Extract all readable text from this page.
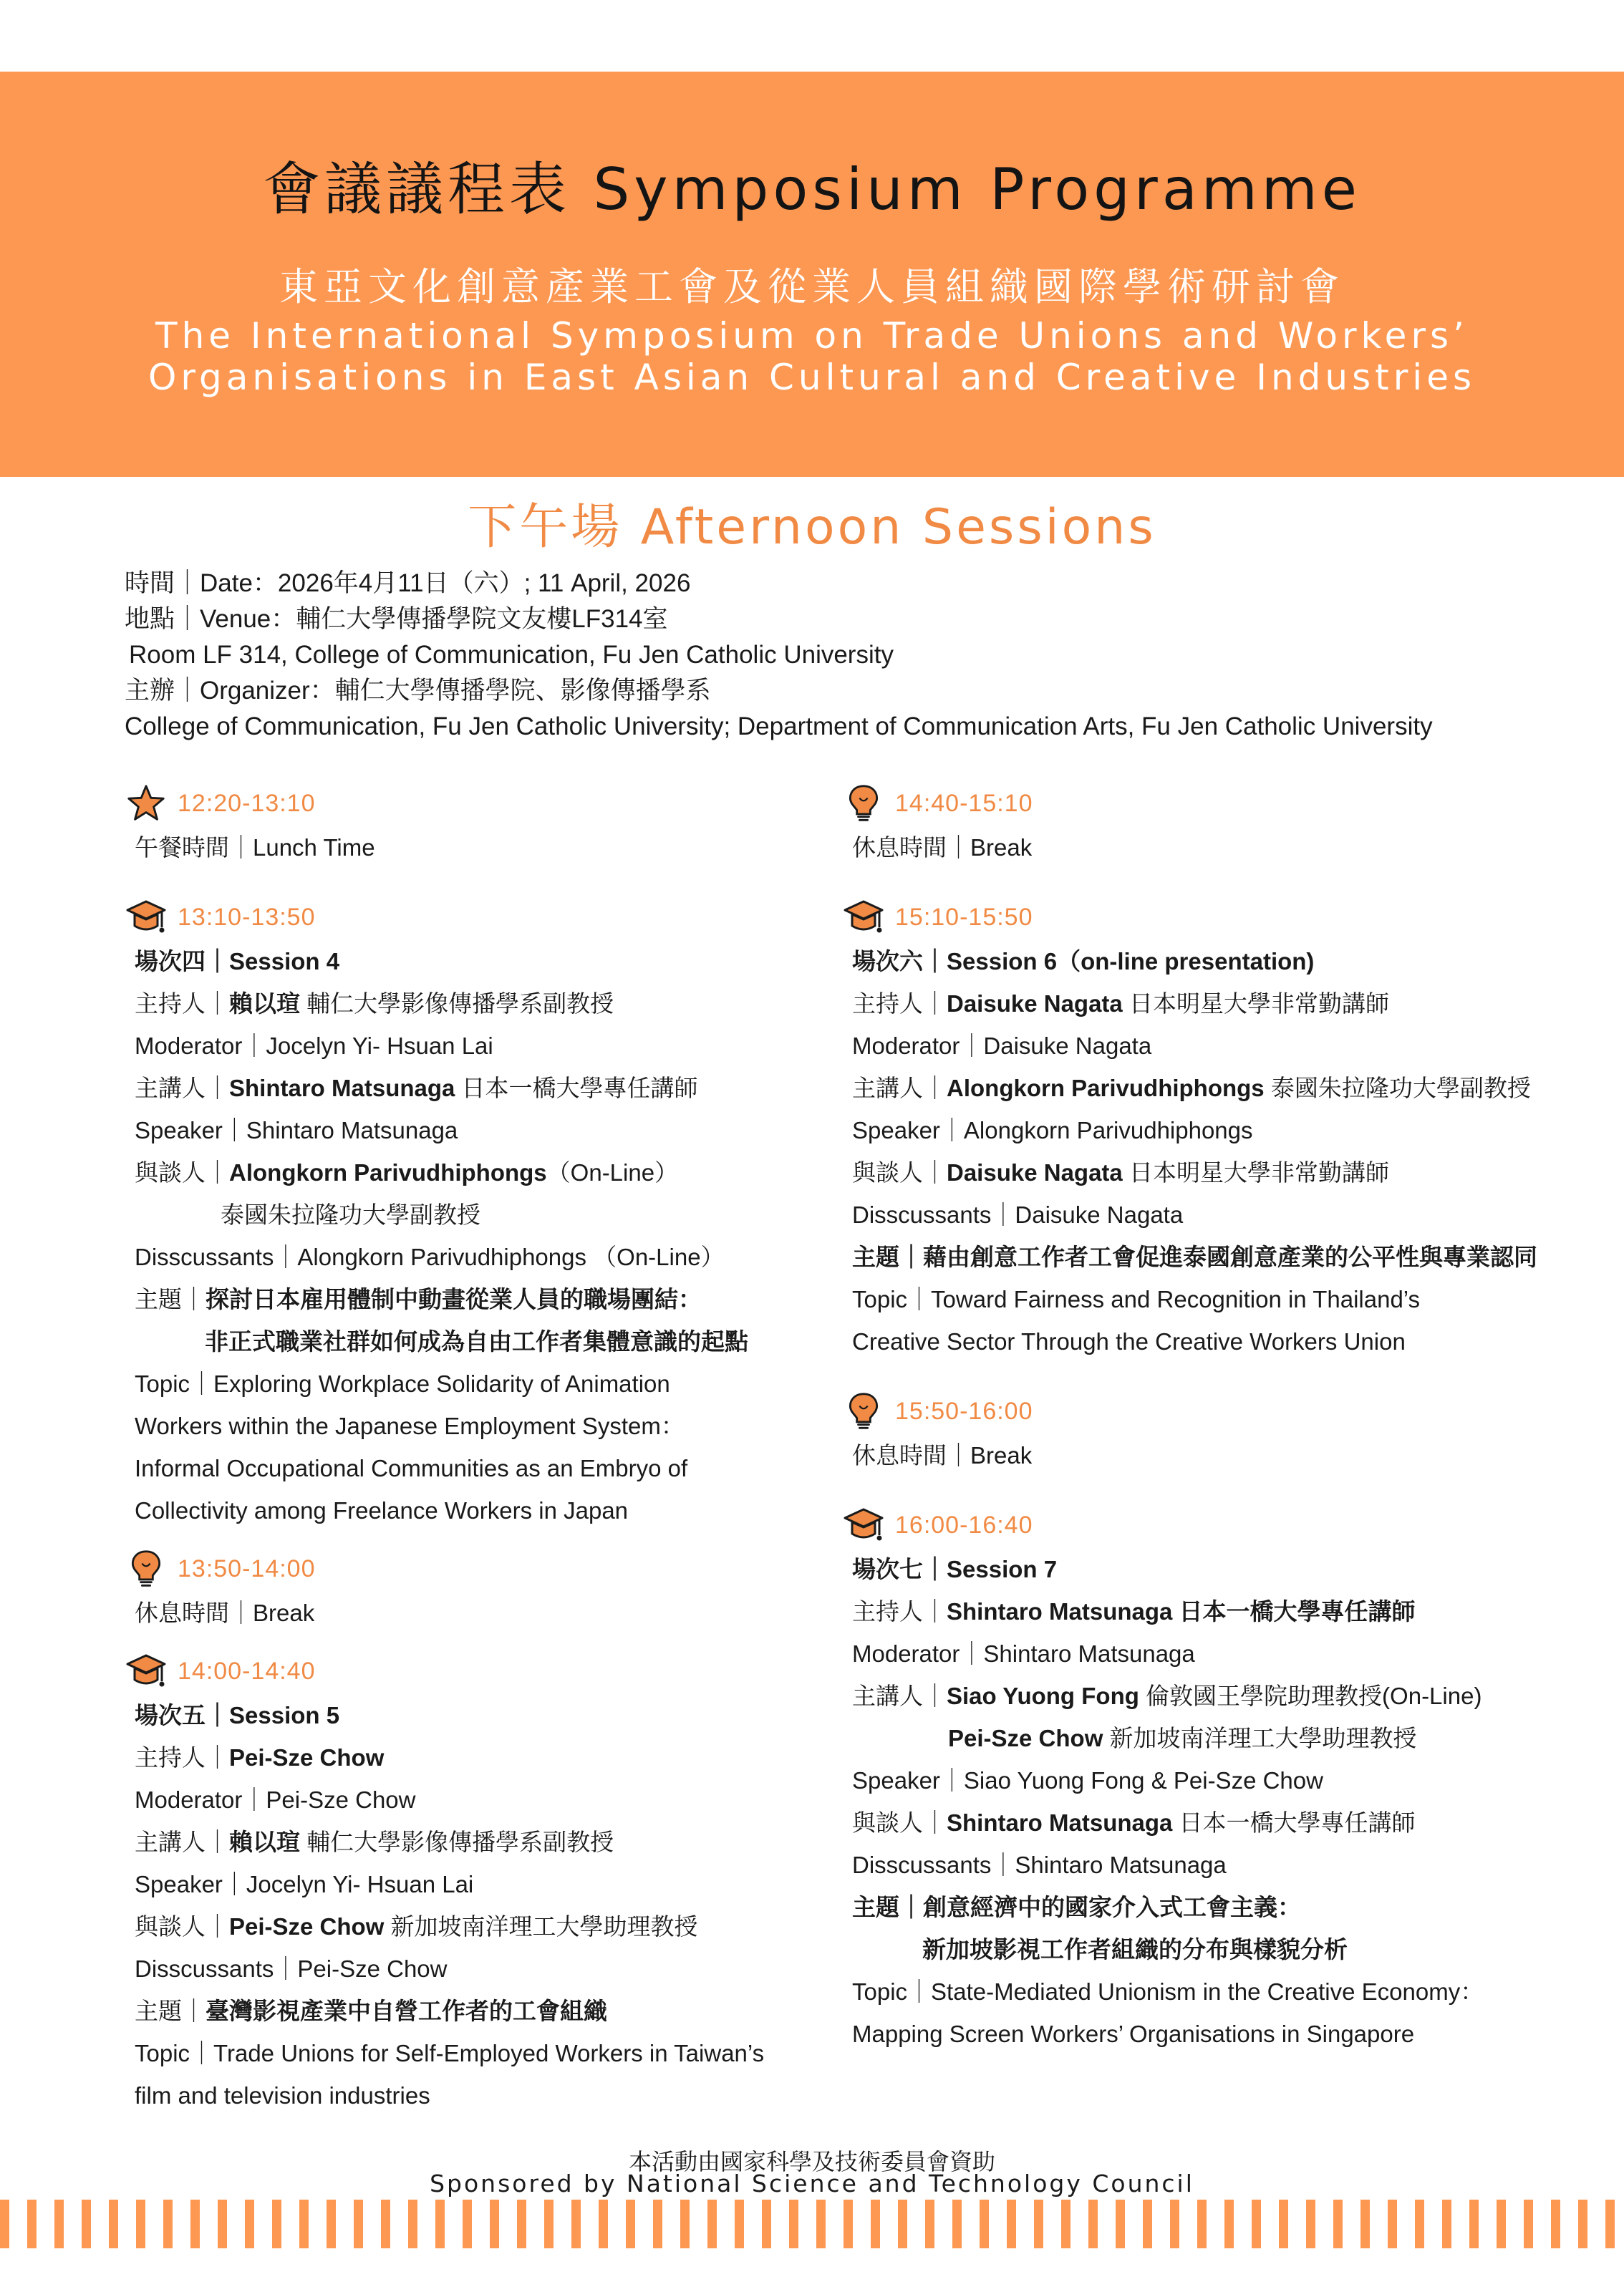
會議議程表 Symposium Programme
東亞文化創意產業工會及從業人員組織國際學術研討會
The International Symposium on Trade Unions and Workers’
Organisations in East Asian Cultural and Creative Industries
下午場 Afternoon Sessions
時間｜Date：2026年4月11日（六）; 11 April, 2026
地點｜Venue：輔仁大學傳播學院文友樓LF314室
Room LF 314, College of Communication, Fu Jen Catholic University
主辦｜Organizer：輔仁大學傳播學院、影像傳播學系
College of Communication, Fu Jen Catholic University; Department of Communication Arts, Fu Jen Catholic University
12:20-13:10
午餐時間｜Lunch Time
13:10-13:50
場次四｜Session 4
主持人｜賴以瑄 輔仁大學影像傳播學系副教授
Moderator｜Jocelyn Yi- Hsuan Lai
主講人｜Shintaro Matsunaga 日本一橋大學專任講師
Speaker｜Shintaro Matsunaga
與談人｜Alongkorn Parivudhiphongs（On-Line）
泰國朱拉隆功大學副教授
Disscussants｜Alongkorn Parivudhiphongs （On-Line）
主題｜探討日本雇用體制中動畫從業人員的職場團結：
非正式職業社群如何成為自由工作者集體意識的起點
Topic｜Exploring Workplace Solidarity of Animation
Workers within the Japanese Employment System：
Informal Occupational Communities as an Embryo of
Collectivity among Freelance Workers in Japan
13:50-14:00
休息時間｜Break
14:00-14:40
場次五｜Session 5
主持人｜Pei-Sze Chow
Moderator｜Pei-Sze Chow
主講人｜賴以瑄 輔仁大學影像傳播學系副教授
Speaker｜Jocelyn Yi- Hsuan Lai
與談人｜Pei-Sze Chow 新加坡南洋理工大學助理教授
Disscussants｜Pei-Sze Chow
主題｜臺灣影視產業中自營工作者的工會組織
Topic｜Trade Unions for Self-Employed Workers in Taiwan’s
film and television industries
14:40-15:10
休息時間｜Break
15:10-15:50
場次六｜Session 6（on-line presentation)
主持人｜Daisuke Nagata 日本明星大學非常勤講師
Moderator｜Daisuke Nagata
主講人｜Alongkorn Parivudhiphongs 泰國朱拉隆功大學副教授
Speaker｜Alongkorn Parivudhiphongs
與談人｜Daisuke Nagata 日本明星大學非常勤講師
Disscussants｜Daisuke Nagata
主題｜藉由創意工作者工會促進泰國創意產業的公平性與專業認同
Topic｜Toward Fairness and Recognition in Thailand’s
Creative Sector Through the Creative Workers Union
15:50-16:00
休息時間｜Break
16:00-16:40
場次七｜Session 7
主持人｜Shintaro Matsunaga 日本一橋大學專任講師
Moderator｜Shintaro Matsunaga
主講人｜Siao Yuong Fong 倫敦國王學院助理教授(On-Line)
Pei-Sze Chow 新加坡南洋理工大學助理教授
Speaker｜Siao Yuong Fong & Pei-Sze Chow
與談人｜Shintaro Matsunaga 日本一橋大學專任講師
Disscussants｜Shintaro Matsunaga
主題｜創意經濟中的國家介入式工會主義：
新加坡影視工作者組織的分布與樣貌分析
Topic｜State-Mediated Unionism in the Creative Economy：
Mapping Screen Workers’ Organisations in Singapore
本活動由國家科學及技術委員會資助
Sponsored by National Science and Technology Council
